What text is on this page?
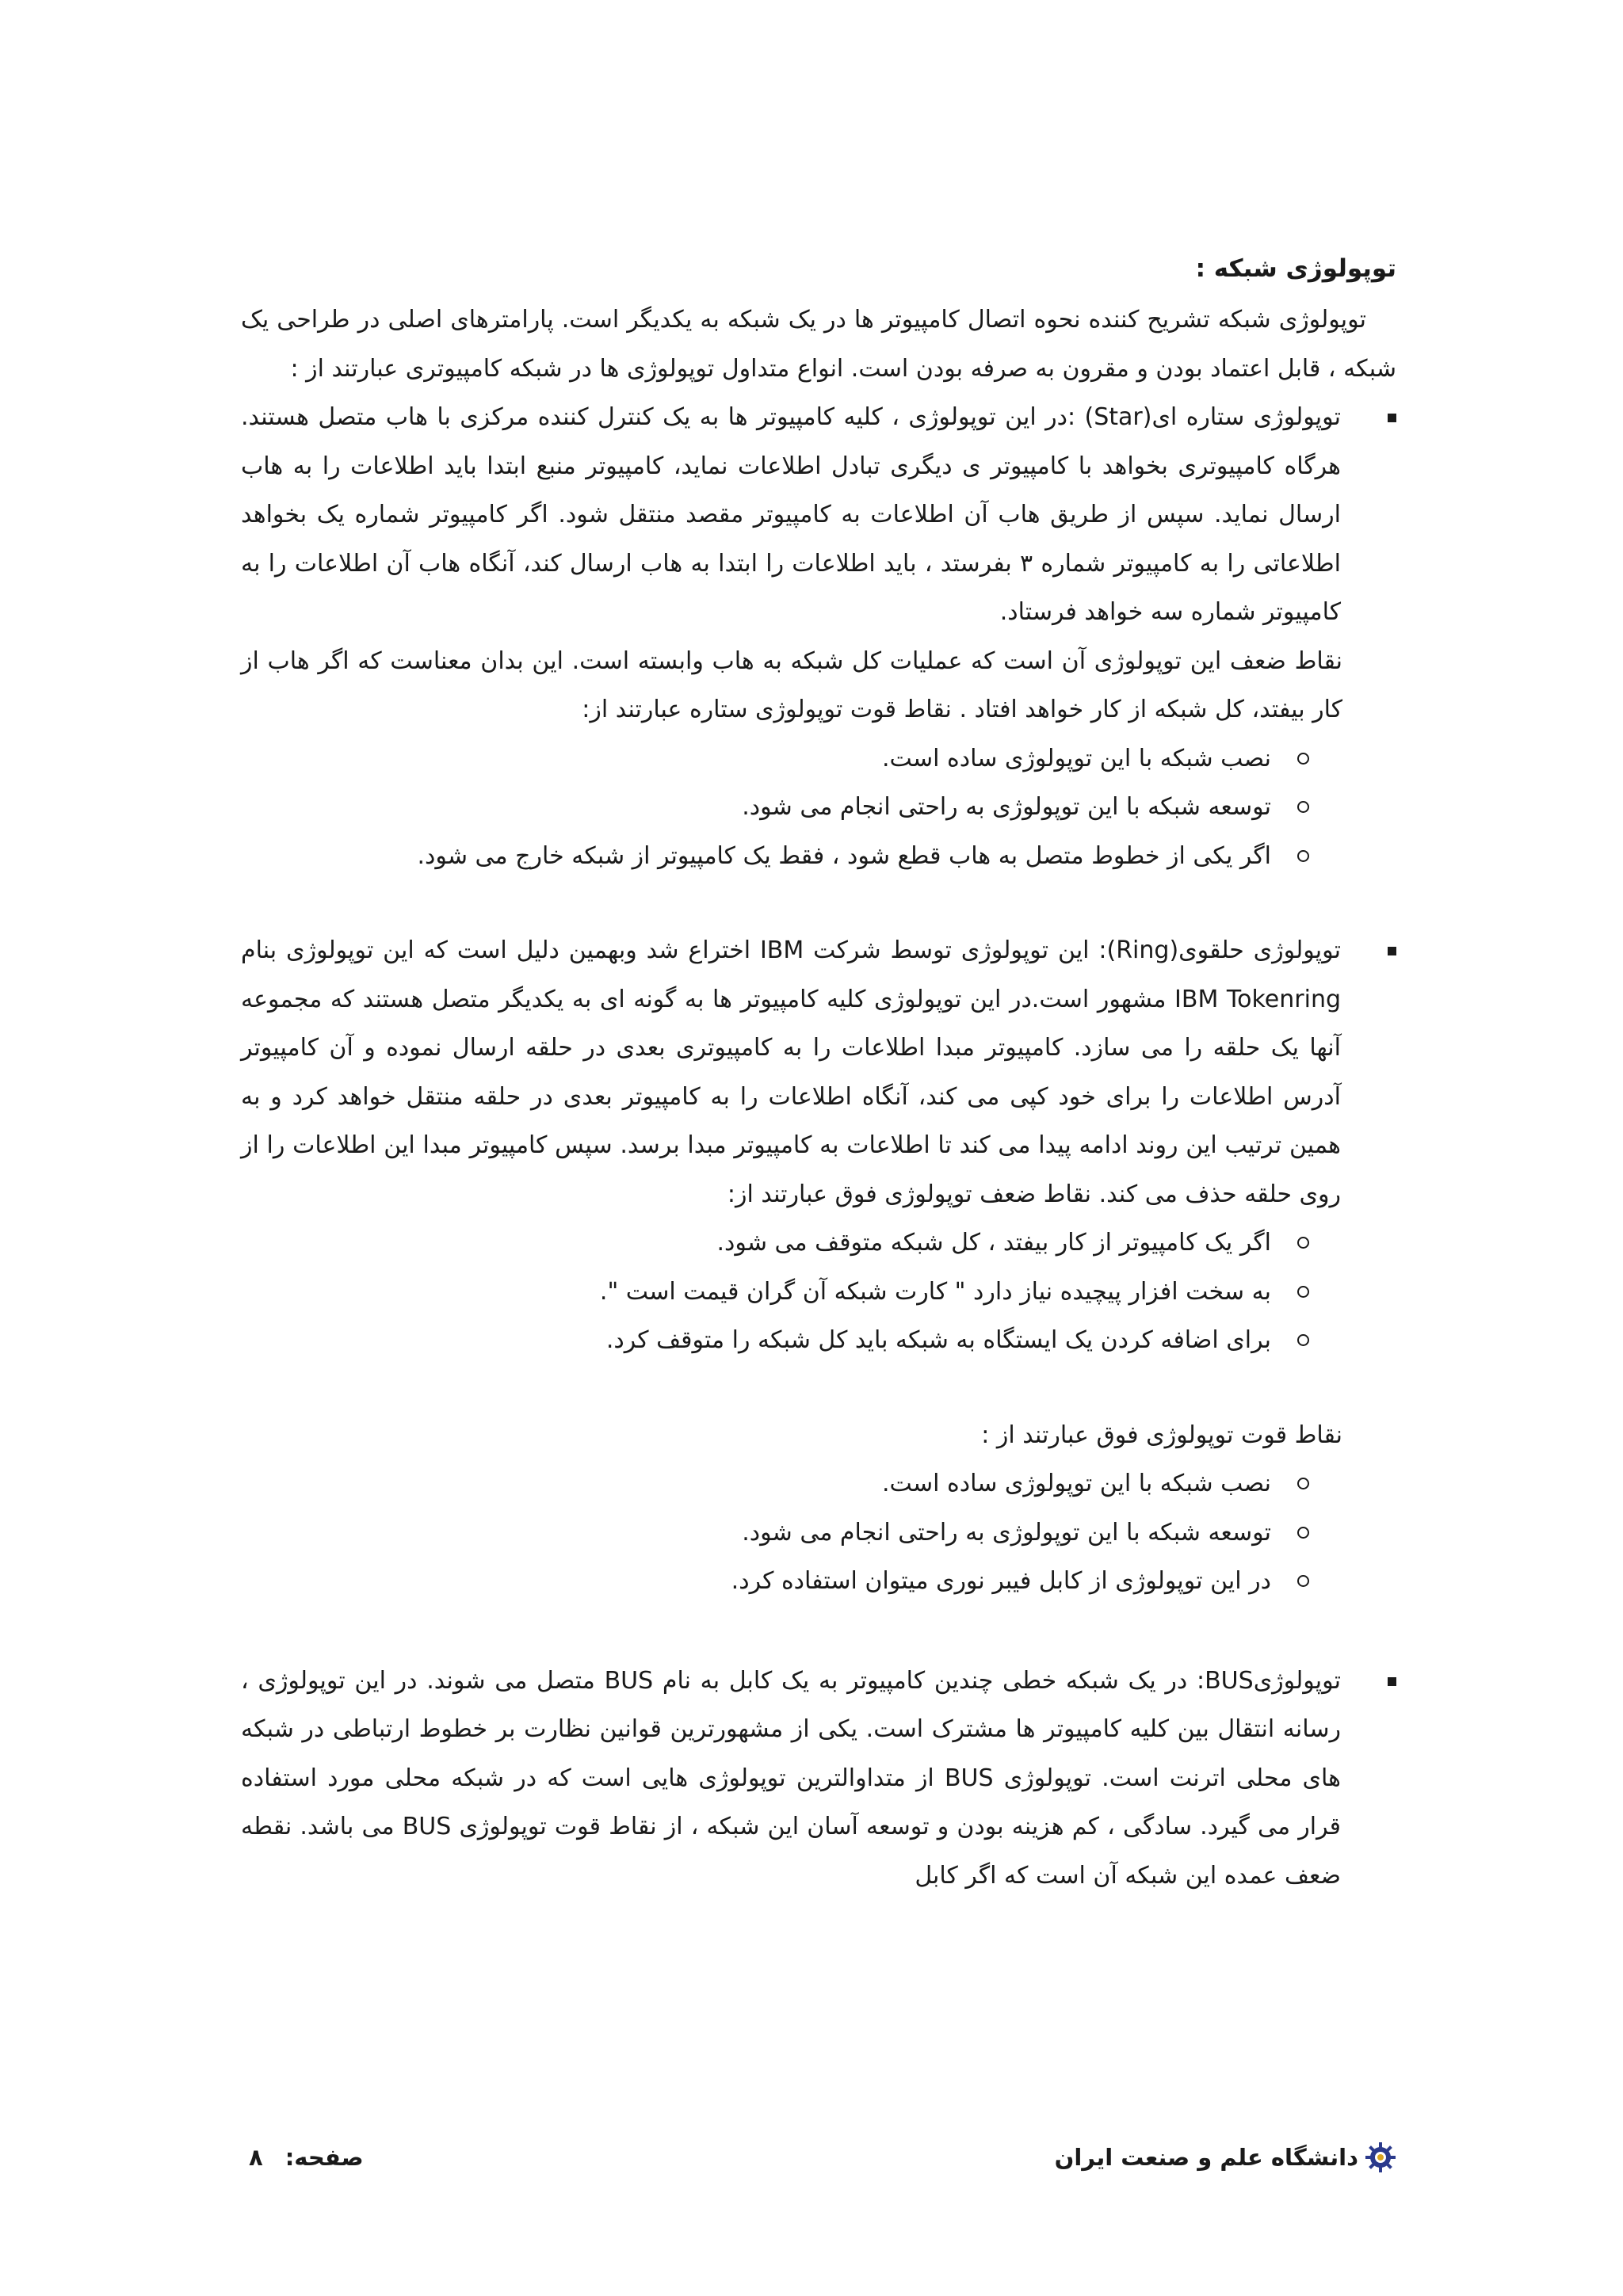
توپولوژی شبکه :

توپولوژی شبکه تشریح کننده نحوه اتصال کامپیوتر ها در یک شبکه به یکدیگر است. پارامترهای اصلی در طراحی یک شبکه ، قابل اعتماد بودن و مقرون به صرفه بودن است. انواع متداول توپولوژی ها در شبکه کامپیوتری عبارتند از :

توپولوژی ستاره ای(Star) :در این توپولوژی ، کلیه کامپیوتر ها به یک کنترل کننده مرکزی با هاب متصل هستند. هرگاه کامپیوتری بخواهد با کامپیوتر ی دیگری تبادل اطلاعات نماید، کامپیوتر منبع ابتدا باید اطلاعات را به هاب ارسال نماید. سپس از طریق هاب آن اطلاعات به کامپیوتر مقصد منتقل شود. اگر کامپیوتر شماره یک بخواهد اطلاعاتی را به کامپیوتر شماره ۳ بفرستد ، باید اطلاعات را ابتدا به هاب ارسال کند، آنگاه هاب آن اطلاعات را به کامپیوتر شماره سه خواهد فرستاد.

نقاط ضعف این توپولوژی آن است که عملیات کل شبکه به هاب وابسته است. این بدان معناست که اگر هاب از کار بیفتد، کل شبکه از کار خواهد افتاد . نقاط قوت توپولوژی ستاره عبارتند از:

نصب شبکه با این توپولوژی ساده است.
توسعه شبکه با این توپولوژی به راحتی انجام می شود.
اگر یکی از خطوط متصل به هاب قطع شود ، فقط یک کامپیوتر از شبکه خارج می شود.

توپولوژی حلقوی(Ring): این توپولوژی توسط شرکت IBM اختراع شد وبهمین دلیل است که این توپولوژی بنام IBM Tokenring مشهور است.در این توپولوژی کلیه کامپیوتر ها به گونه ای به یکدیگر متصل هستند که مجموعه آنها یک حلقه را می سازد. کامپیوتر مبدا اطلاعات را به کامپیوتری بعدی در حلقه ارسال نموده و آن کامپیوتر آدرس اطلاعات را برای خود کپی می کند، آنگاه اطلاعات را به کامپیوتر بعدی در حلقه منتقل خواهد کرد و به همین ترتیب این روند ادامه پیدا می کند تا اطلاعات به کامپیوتر مبدا برسد. سپس کامپیوتر مبدا این اطلاعات را از روی حلقه حذف می کند. نقاط ضعف توپولوژی فوق عبارتند از:

اگر یک کامپیوتر از کار بیفتد ، کل شبکه متوقف می شود.
به سخت افزار پیچیده نیاز دارد " کارت شبکه آن گران قیمت است ".
برای اضافه کردن یک ایستگاه به شبکه باید کل شبکه را متوقف کرد.

نقاط قوت توپولوژی فوق عبارتند از :

نصب شبکه با این توپولوژی ساده است.
توسعه شبکه با این توپولوژی به راحتی انجام می شود.
در این توپولوژی از کابل فیبر نوری میتوان استفاده کرد.

توپولوژیBUS: در یک شبکه خطی چندین کامپیوتر به یک کابل به نام BUS متصل می شوند. در این توپولوژی ، رسانه انتقال بین کلیه کامپیوتر ها مشترک است. یکی از مشهورترین قوانین نظارت بر خطوط ارتباطی در شبکه های محلی اترنت است. توپولوژی BUS از متداوالترین توپولوژی هایی است که در شبکه محلی مورد استفاده قرار می گیرد. سادگی ، کم هزینه بودن و توسعه آسان این شبکه ، از نقاط قوت توپولوژی BUS می باشد. نقطه ضعف عمده این شبکه آن است که اگر کابل

دانشگاه علم و صنعت ایران
صفحه:
۸
